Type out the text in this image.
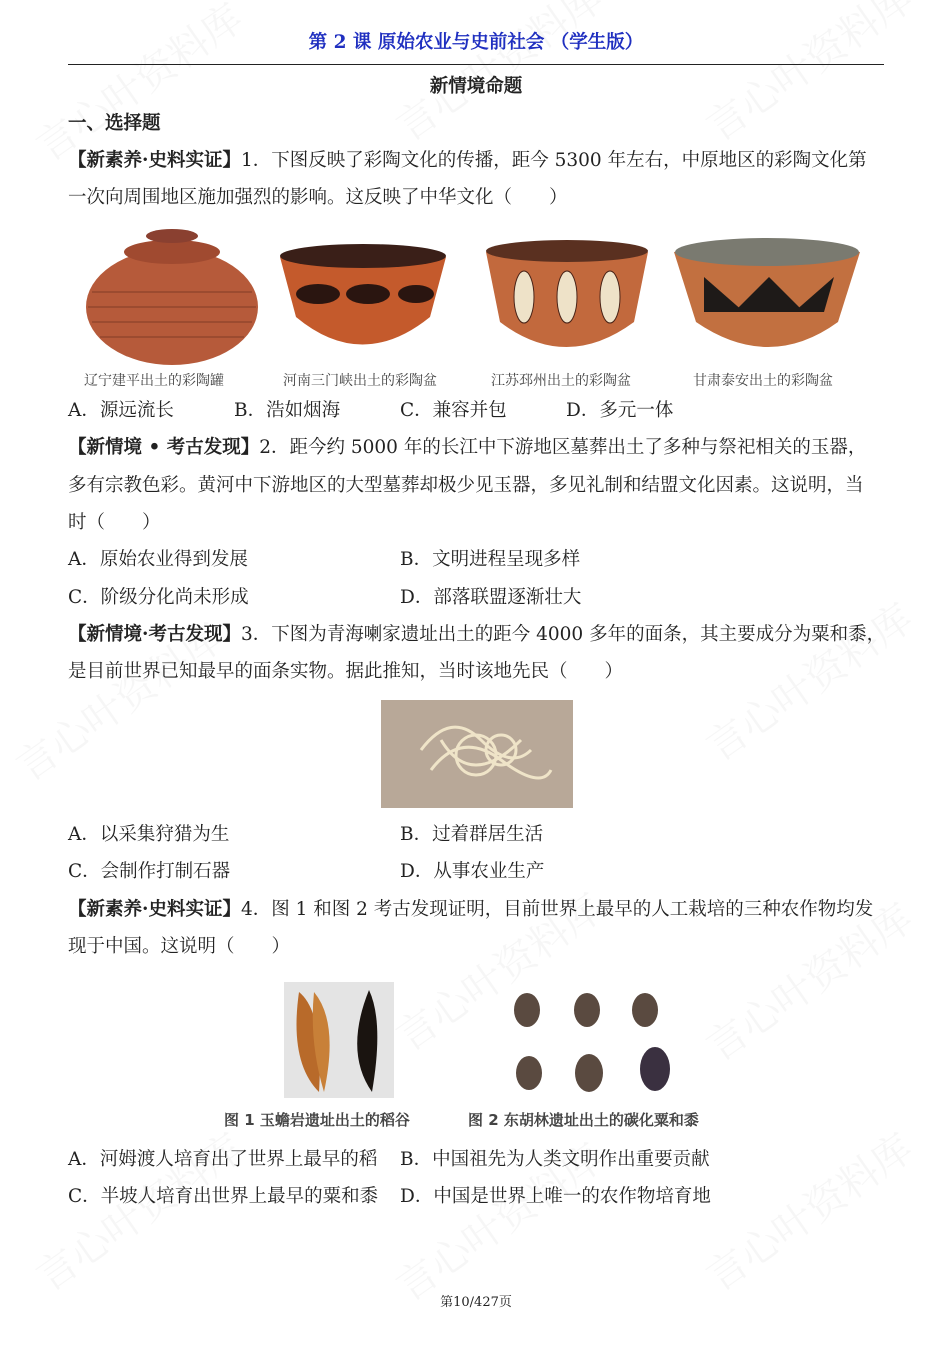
第 2 课 原始农业与史前社会 （学生版）
新情境命题
一、选择题
【新素养·史料实证】1．下图反映了彩陶文化的传播，距今 5300 年左右，中原地区的彩陶文化第
一次向周围地区施加强烈的影响。这反映了中华文化（　　）
辽宁建平出土的彩陶罐	河南三门峡出土的彩陶盆	江苏邳州出土的彩陶盆	甘肃泰安出土的彩陶盆
A．源远流长	B．浩如烟海	C．兼容并包	D．多元一体
【新情境 • 考古发现】2．距今约 5000 年的长江中下游地区墓葬出土了多种与祭祀相关的玉器，
多有宗教色彩。黄河中下游地区的大型墓葬却极少见玉器，多见礼制和结盟文化因素。这说明，当
时（　　）
A．原始农业得到发展	B．文明进程呈现多样
C．阶级分化尚未形成	D．部落联盟逐渐壮大
【新情境·考古发现】3．下图为青海喇家遗址出土的距今 4000 多年的面条，其主要成分为粟和黍，
是目前世界已知最早的面条实物。据此推知，当时该地先民（　　）
A．以采集狩猎为生	B．过着群居生活
C．会制作打制石器	D．从事农业生产
【新素养·史料实证】4．图 1 和图 2 考古发现证明，目前世界上最早的人工栽培的三种农作物均发
现于中国。这说明（　　）
图 1 玉蟾岩遗址出土的稻谷	图 2 东胡林遗址出土的碳化粟和黍
A．河姆渡人培育出了世界上最早的稻 B．中国祖先为人类文明作出重要贡献
C．半坡人培育出世界上最早的粟和黍 D．中国是世界上唯一的农作物培育地
第10/427页
